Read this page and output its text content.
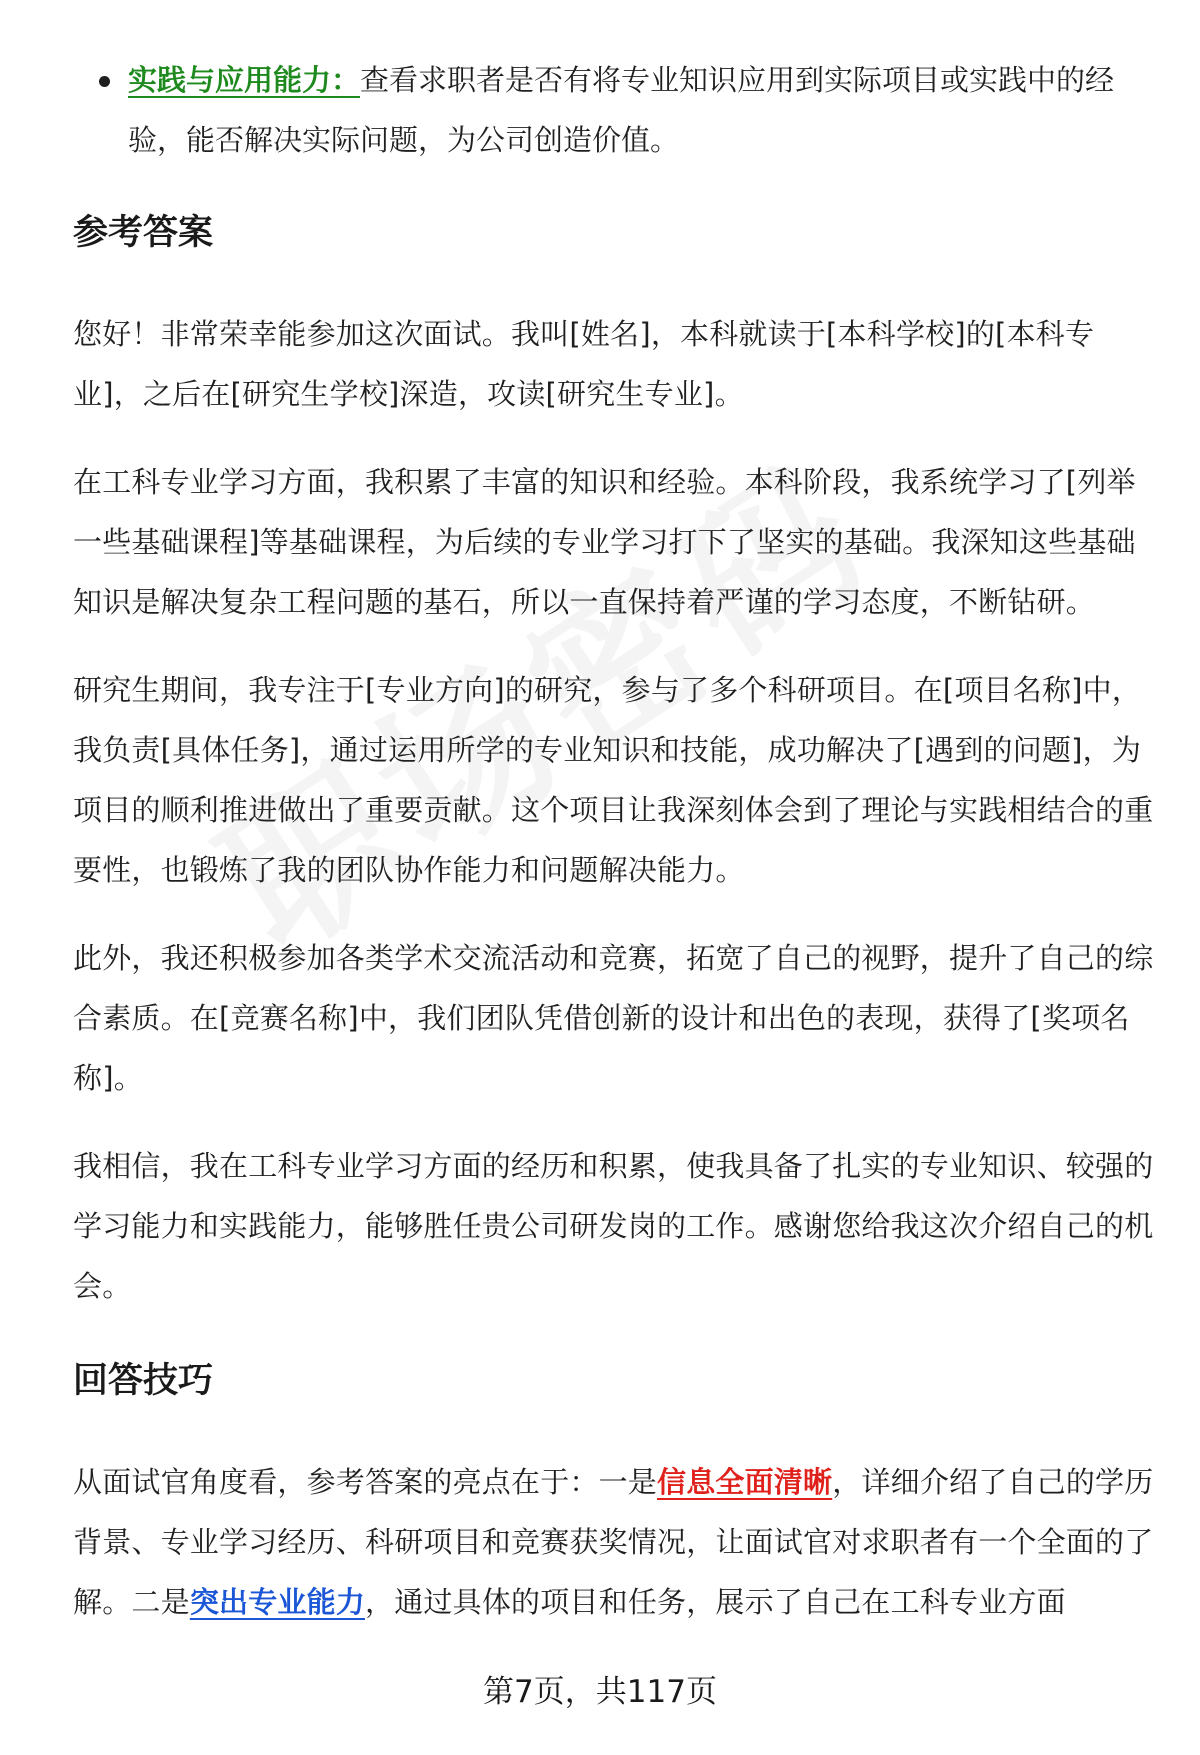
实践与应用能力：查看求职者是否有将专业知识应用到实际项目或实践中的经验，能否解决实际问题，为公司创造价值。
参考答案

您好！非常荣幸能参加这次面试。我叫[姓名]，本科就读于[本科学校]的[本科专业]，之后在[研究生学校]深造，攻读[研究生专业]。

在工科专业学习方面，我积累了丰富的知识和经验。本科阶段，我系统学习了[列举一些基础课程]等基础课程，为后续的专业学习打下了坚实的基础。我深知这些基础知识是解决复杂工程问题的基石，所以一直保持着严谨的学习态度，不断钻研。

研究生期间，我专注于[专业方向]的研究，参与了多个科研项目。在[项目名称]中，我负责[具体任务]，通过运用所学的专业知识和技能，成功解决了[遇到的问题]，为项目的顺利推进做出了重要贡献。这个项目让我深刻体会到了理论与实践相结合的重要性，也锻炼了我的团队协作能力和问题解决能力。

此外，我还积极参加各类学术交流活动和竞赛，拓宽了自己的视野，提升了自己的综合素质。在[竞赛名称]中，我们团队凭借创新的设计和出色的表现，获得了[奖项名称]。

我相信，我在工科专业学习方面的经历和积累，使我具备了扎实的专业知识、较强的学习能力和实践能力，能够胜任贵公司研发岗的工作。感谢您给我这次介绍自己的机会。

回答技巧

从面试官角度看，参考答案的亮点在于：一是信息全面清晰，详细介绍了自己的学历背景、专业学习经历、科研项目和竞赛获奖情况，让面试官对求职者有一个全面的了解。二是突出专业能力，通过具体的项目和任务，展示了自己在工科专业方面

第7页，共117页
